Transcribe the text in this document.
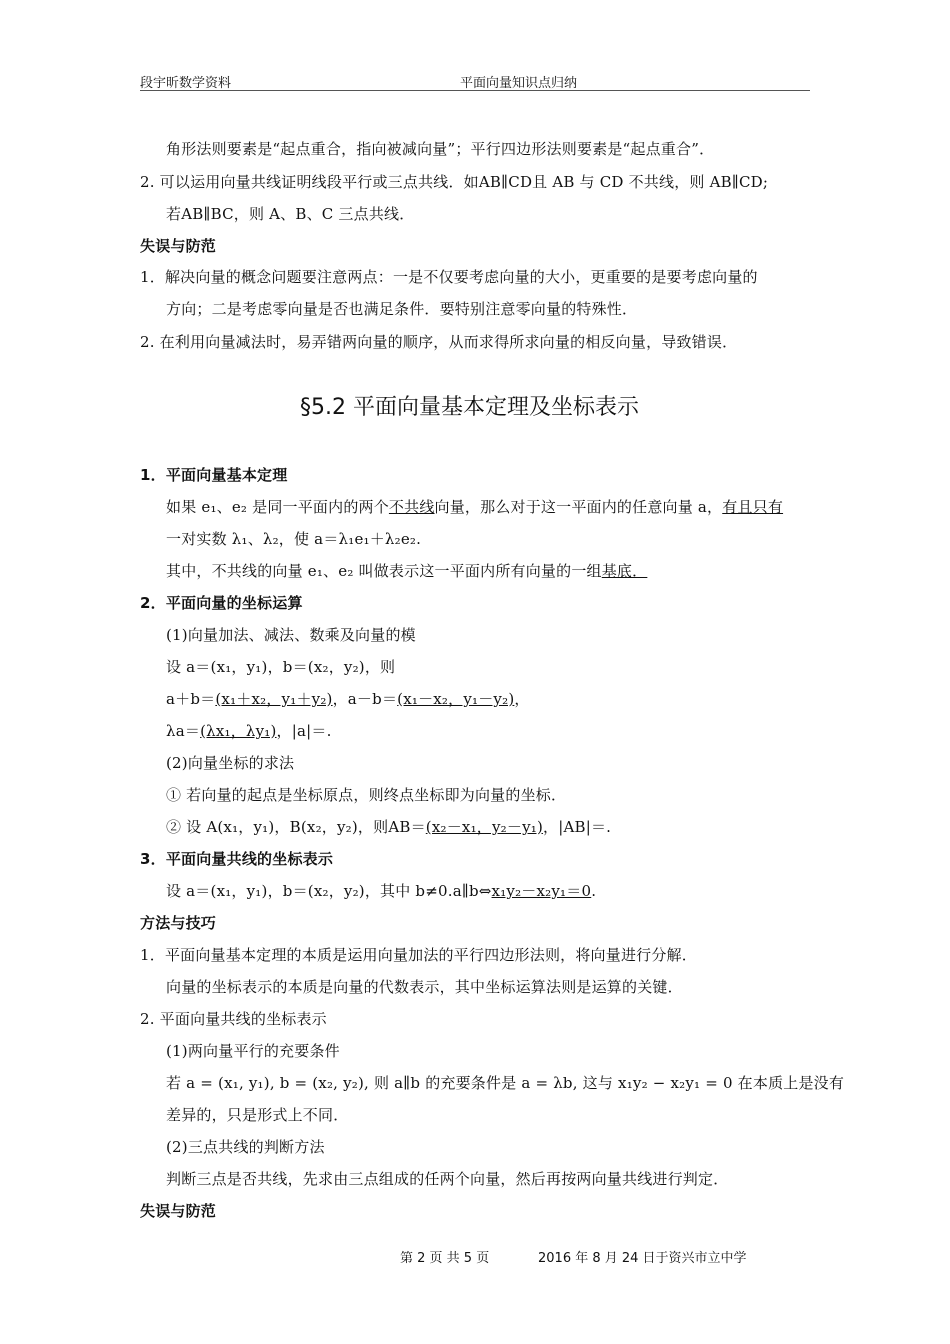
段宇昕数学资料	平面向量知识点归纳
角形法则要素是“起点重合，指向被减向量”；平行四边形法则要素是“起点重合”．
2. 可以运用向量共线证明线段平行或三点共线．如AB∥CD且 AB 与 CD 不共线，则 AB∥CD;
若AB∥BC，则 A、B、C 三点共线．
失误与防范
1．解决向量的概念问题要注意两点：一是不仅要考虑向量的大小，更重要的是要考虑向量的
方向；二是考虑零向量是否也满足条件．要特别注意零向量的特殊性．
2. 在利用向量减法时，易弄错两向量的顺序，从而求得所求向量的相反向量，导致错误．
§5.2 平面向量基本定理及坐标表示
1．平面向量基本定理
如果 e₁、e₂ 是同一平面内的两个不共线向量，那么对于这一平面内的任意向量 a，有且只有
一对实数 λ₁、λ₂，使 a＝λ₁e₁＋λ₂e₂.
其中，不共线的向量 e₁、e₂ 叫做表示这一平面内所有向量的一组基底．
2．平面向量的坐标运算
(1)向量加法、减法、数乘及向量的模
设 a＝(x₁，y₁)，b＝(x₂，y₂)，则
a＋b＝(x₁＋x₂，y₁＋y₂)，a－b＝(x₁－x₂，y₁－y₂)，
λa＝(λx₁，λy₁)，|a|＝.
(2)向量坐标的求法
① 若向量的起点是坐标原点，则终点坐标即为向量的坐标．
② 设 A(x₁，y₁)，B(x₂，y₂)，则AB＝(x₂－x₁，y₂－y₁)，|AB|＝.
3．平面向量共线的坐标表示
设 a＝(x₁，y₁)，b＝(x₂，y₂)，其中 b≠0.a∥b⇔x₁y₂－x₂y₁＝0.
方法与技巧
1．平面向量基本定理的本质是运用向量加法的平行四边形法则，将向量进行分解．
向量的坐标表示的本质是向量的代数表示，其中坐标运算法则是运算的关键．
2. 平面向量共线的坐标表示
(1)两向量平行的充要条件
若 a = (x₁, y₁), b = (x₂, y₂), 则 a∥b 的充要条件是 a = λb, 这与 x₁y₂ − x₂y₁ = 0 在本质上是没有
差异的，只是形式上不同．
(2)三点共线的判断方法
判断三点是否共线，先求由三点组成的任两个向量，然后再按两向量共线进行判定．
失误与防范
第 2 页 共 5 页	2016 年 8 月 24 日于资兴市立中学
